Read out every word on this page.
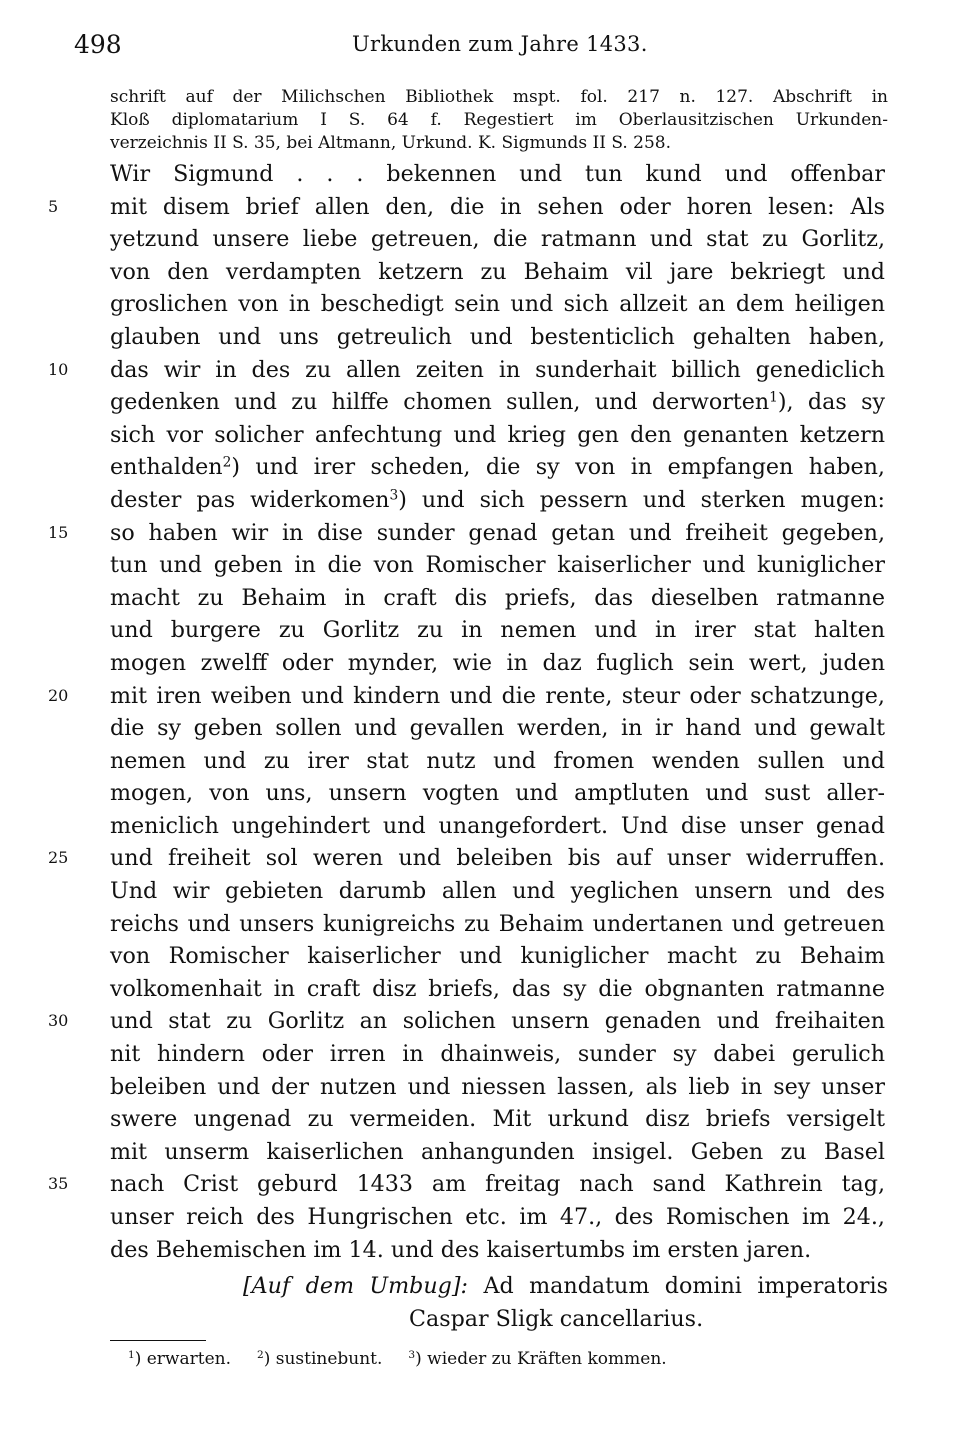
498	Urkunden zum Jahre 1433.
schrift auf der Milichschen Bibliothek mspt. fol. 217 n. 127. Abschrift in
Kloß diplomatarium I S. 64 f. Regestiert im Oberlausitzischen Urkunden-
verzeichnis II S. 35, bei Altmann, Urkund. K. Sigmunds II S. 258.
Wir Sigmund . . . bekennen und tun kund und offenbar
5	mit disem brief allen den, die in sehen oder horen lesen: Als
yetzund unsere liebe getreuen, die ratmann und stat zu Gorlitz,
von den verdampten ketzern zu Behaim vil jare bekriegt und
groslichen von in beschedigt sein und sich allzeit an dem heiligen
glauben und uns getreulich und bestenticlich gehalten haben,
10	das wir in des zu allen zeiten in sunderhait billich genediclich
gedenken und zu hilffe chomen sullen, und derworten$^1$), das sy
sich vor solicher anfechtung und krieg gen den genanten ketzern
enthalden$^2$) und irer scheden, die sy von in empfangen haben,
dester pas widerkomen$^3$) und sich pessern und sterken mugen:
15	so haben wir in dise sunder genad getan und freiheit gegeben,
tun und geben in die von Romischer kaiserlicher und kuniglicher
macht zu Behaim in craft dis priefs, das dieselben ratmanne
und burgere zu Gorlitz zu in nemen und in irer stat halten
mogen zwelff oder mynder, wie in daz fuglich sein wert, juden
20	mit iren weiben und kindern und die rente, steur oder schatzunge,
die sy geben sollen und gevallen werden, in ir hand und gewalt
nemen und zu irer stat nutz und fromen wenden sullen und
mogen, von uns, unsern vogten und amptluten und sust aller-
meniclich ungehindert und unangefordert. Und dise unser genad
25	und freiheit sol weren und beleiben bis auf unser widerruffen.
Und wir gebieten darumb allen und yeglichen unsern und des
reichs und unsers kunigreichs zu Behaim undertanen und getreuen
von Romischer kaiserlicher und kuniglicher macht zu Behaim
volkomenhait in craft disz briefs, das sy die obgnanten ratmanne
30	und stat zu Gorlitz an solichen unsern genaden und freihaiten
nit hindern oder irren in dhainweis, sunder sy dabei gerulich
beleiben und der nutzen und niessen lassen, als lieb in sey unser
swere ungenad zu vermeiden. Mit urkund disz briefs versigelt
mit unserm kaiserlichen anhangunden insigel. Geben zu Basel
35	nach Crist geburd 1433 am freitag nach sand Kathrein tag,
unser reich des Hungrischen etc. im 47., des Romischen im 24.,
des Behemischen im 14. und des kaisertumbs im ersten jaren.
[Auf dem Umbug]: Ad mandatum domini imperatoris
Caspar Sligk cancellarius.
$^1$) erwarten. $^2$) sustinebunt. $^3$) wieder zu Kräften kommen.
